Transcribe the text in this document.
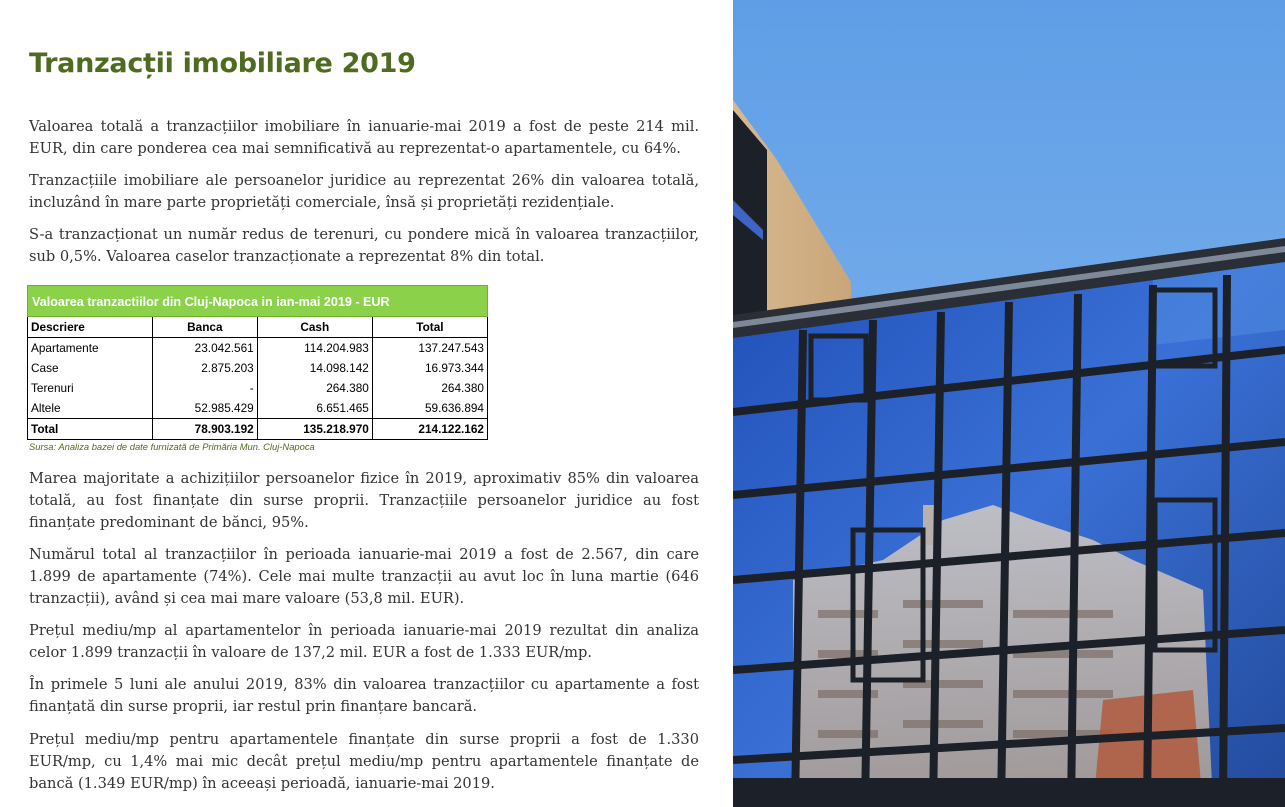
Tranzacții imobiliare 2019
Valoarea totală a tranzacțiilor imobiliare în ianuarie-mai 2019 a fost de peste 214 mil. EUR, din care ponderea cea mai semnificativă au reprezentat-o apartamentele, cu 64%.
Tranzacțiile imobiliare ale persoanelor juridice au reprezentat 26% din valoarea totală, incluzând în mare parte proprietăți comerciale, însă și proprietăți rezidențiale.
S-a tranzacționat un număr redus de terenuri, cu pondere mică în valoarea tranzacțiilor, sub 0,5%. Valoarea caselor tranzacționate a reprezentat 8% din total.
Valoarea tranzactiilor din Cluj-Napoca in ian-mai 2019 - EUR
Descriere	Banca	Cash	Total
Apartamente	23.042.561	114.204.983	137.247.543
Case	2.875.203	14.098.142	16.973.344
Terenuri	-	264.380	264.380
Altele	52.985.429	6.651.465	59.636.894
Total	78.903.192	135.218.970	214.122.162
Sursa: Analiza bazei de date furnizată de Primăria Mun. Cluj-Napoca
Marea majoritate a achizițiilor persoanelor fizice în 2019, aproximativ 85% din valoarea totală, au fost finanțate din surse proprii. Tranzacțiile persoanelor juridice au fost finanțate predominant de bănci, 95%.
Numărul total al tranzacțiilor în perioada ianuarie-mai 2019 a fost de 2.567, din care 1.899 de apartamente (74%). Cele mai multe tranzacții au avut loc în luna martie (646 tranzacții), având și cea mai mare valoare (53,8 mil. EUR).
Prețul mediu/mp al apartamentelor în perioada ianuarie-mai 2019 rezultat din analiza celor 1.899 tranzacții în valoare de 137,2 mil. EUR a fost de 1.333 EUR/mp.
În primele 5 luni ale anului 2019, 83% din valoarea tranzacțiilor cu apartamente a fost finanțată din surse proprii, iar restul prin finanțare bancară.
Prețul mediu/mp pentru apartamentele finanțate din surse proprii a fost de 1.330 EUR/mp, cu 1,4% mai mic decât prețul mediu/mp pentru apartamentele finanțate de bancă (1.349 EUR/mp) în aceeași perioadă, ianuarie-mai 2019.
